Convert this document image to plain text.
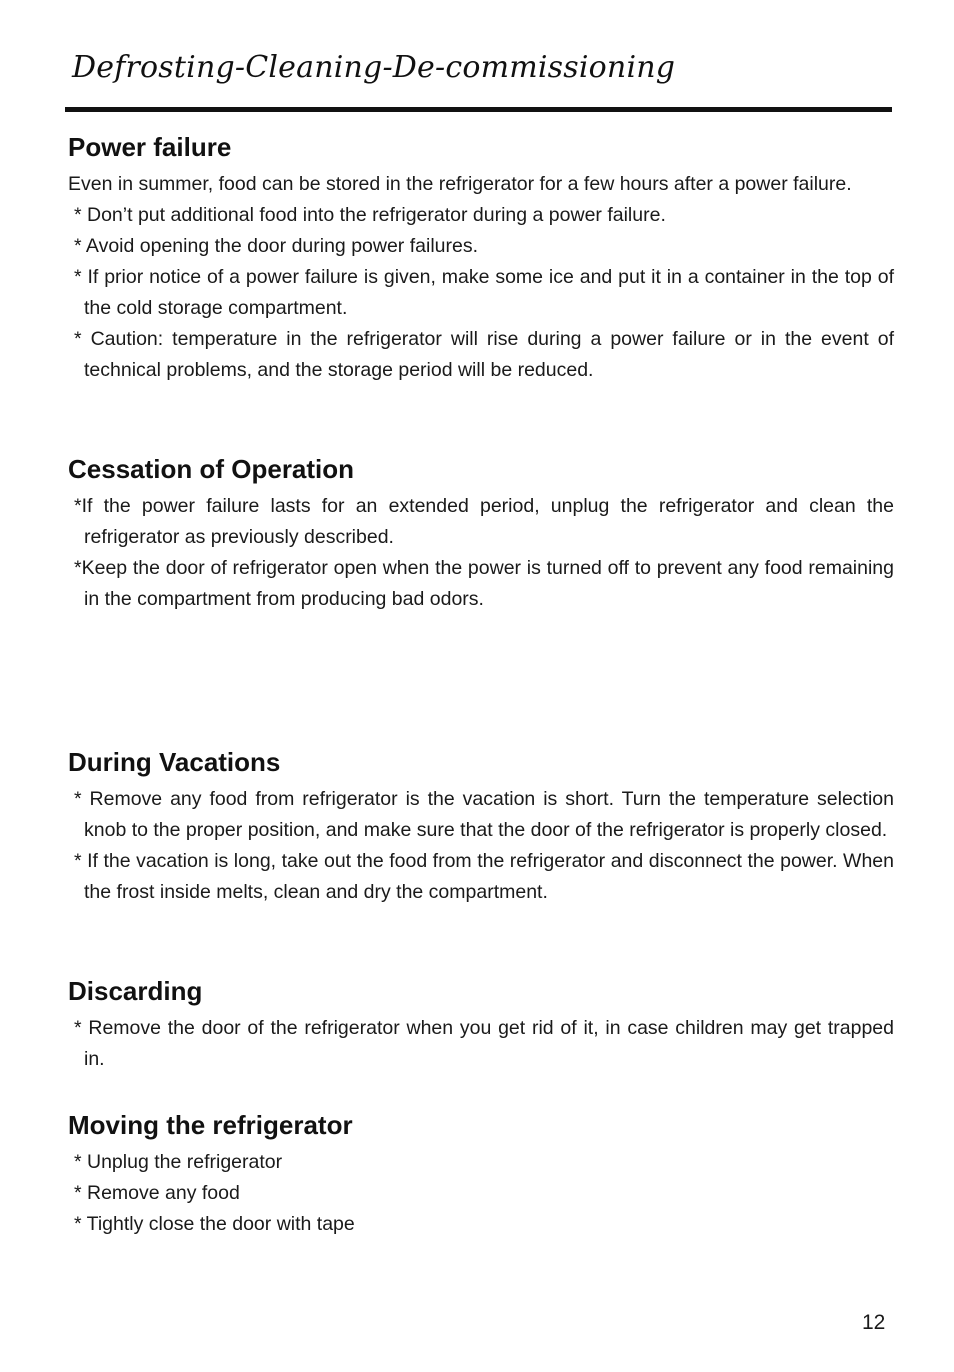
Defrosting-Cleaning-De-commissioning
Power failure

Even in summer, food can be stored in the refrigerator for a few hours after a power failure.

* Don’t put additional food into the refrigerator during a power failure.
* Avoid opening the door during power failures.
* If prior notice of a power failure is given, make some ice and put it in a container in the top of the cold storage compartment.
* Caution: temperature in the refrigerator will rise during a power failure or in the event of technical problems, and the storage period will be reduced.
Cessation of Operation
*If the power failure lasts for an extended period, unplug the refrigerator and clean the refrigerator as previously described.
*Keep the door of refrigerator open when the power is turned off to prevent any food remaining in the compartment from producing bad odors.
During Vacations
* Remove any food from refrigerator is the vacation is short. Turn the temperature selection knob to the proper position, and make sure that the door of the refrigerator is properly closed.
* If the vacation is long, take out the food from the refrigerator and disconnect the power. When the frost inside melts, clean and dry the compartment.
Discarding
* Remove the door of the refrigerator when you get rid of it, in case children may get trapped in.
Moving the refrigerator
* Unplug the refrigerator
* Remove any food
* Tightly close the door with tape
12
